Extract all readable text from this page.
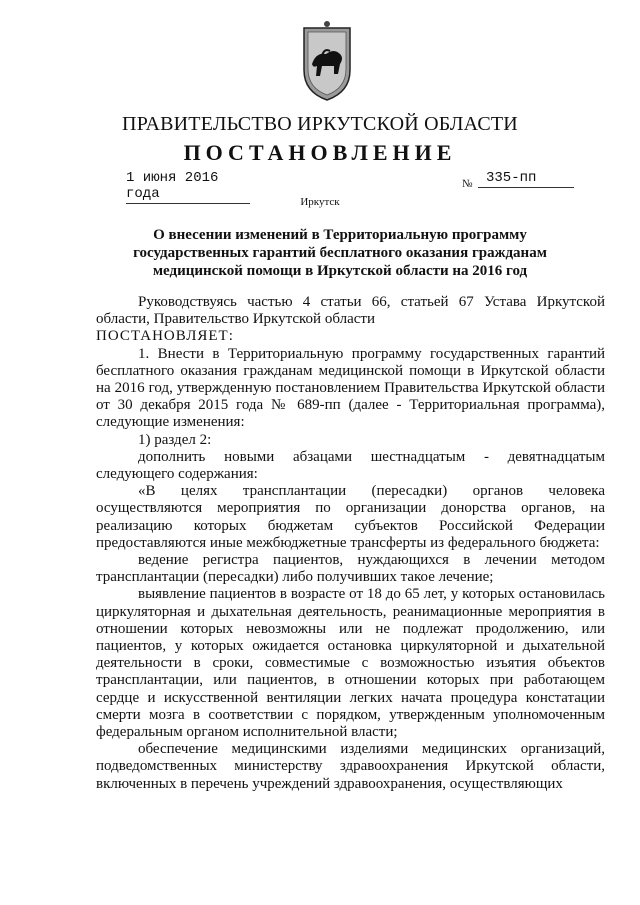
ПРАВИТЕЛЬСТВО ИРКУТСКОЙ ОБЛАСТИ
ПОСТАНОВЛЕНИЕ
1 июня 2016 года
№ 335-пп
Иркутск
О внесении изменений в Территориальную программу
государственных гарантий бесплатного оказания гражданам
медицинской помощи в Иркутской области на 2016 год

Руководствуясь частью 4 статьи 66, статьей 67 Устава Иркутской области, Правительство Иркутской области

ПОСТАНОВЛЯЕТ:

1. Внести в Территориальную программу государственных гарантий бесплатного оказания гражданам медицинской помощи в Иркутской области на 2016 год, утвержденную постановлением Правительства Иркутской области от 30 декабря 2015 года № 689-пп (далее - Территориальная программа), следующие изменения:

1) раздел 2:

дополнить новыми абзацами шестнадцатым - девятнадцатым следующего содержания:

«В целях трансплантации (пересадки) органов человека осуществляются мероприятия по организации донорства органов, на реализацию которых бюджетам субъектов Российской Федерации предоставляются иные межбюджетные трансферты из федерального бюджета:

ведение регистра пациентов, нуждающихся в лечении методом трансплантации (пересадки) либо получивших такое лечение;

выявление пациентов в возрасте от 18 до 65 лет, у которых остановилась циркуляторная и дыхательная деятельность, реанимационные мероприятия в отношении которых невозможны или не подлежат продолжению, или пациентов, у которых ожидается остановка циркуляторной и дыхательной деятельности в сроки, совместимые с возможностью изъятия объектов трансплантации, или пациентов, в отношении которых при работающем сердце и искусственной вентиляции легких начата процедура констатации смерти мозга в соответствии с порядком, утвержденным уполномоченным федеральным органом исполнительной власти;

обеспечение медицинскими изделиями медицинских организаций, подведомственных министерству здравоохранения Иркутской области, включенных в перечень учреждений здравоохранения, осуществляющих
